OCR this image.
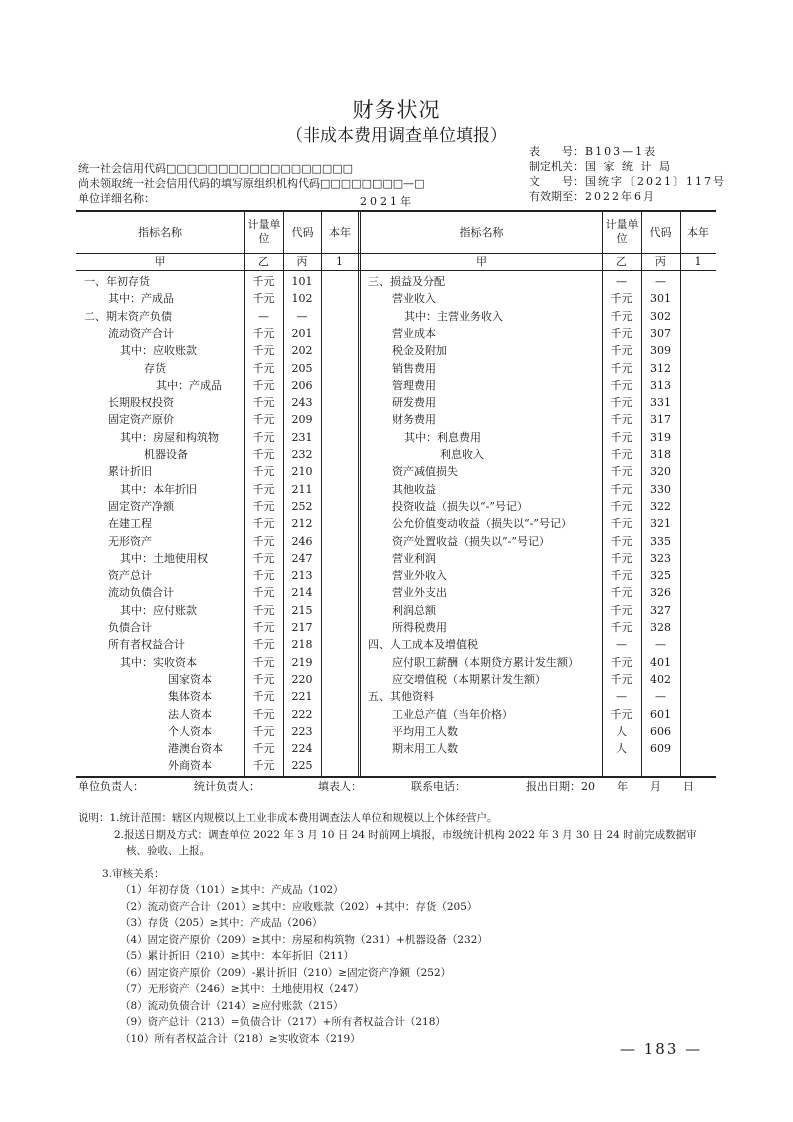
财务状况
（非成本费用调查单位填报）
统一社会信用代码□□□□□□□□□□□□□□□□□□
尚未领取统一社会信用代码的填写原组织机构代码□□□□□□□□—□
单位详细名称：	2021年
表　　号： B103—1表
制定机关： 国 家 统 计 局
文　　号： 国统字〔2021〕117号
有效期至： 2022年6月
指标名称
计量单位	代码	本年
甲	乙	丙	1
指标名称
计量单位	代码	本年
甲	乙	丙	1
一、年初存货	千元	101
其中：产成品	千元	102
二、期末资产负债	—	—
流动资产合计	千元	201
其中：应收账款	千元	202
存货	千元	205
其中：产成品	千元	206
长期股权投资	千元	243
固定资产原价	千元	209
其中：房屋和构筑物	千元	231
机器设备	千元	232
累计折旧	千元	210
其中：本年折旧	千元	211
固定资产净额	千元	252
在建工程	千元	212
无形资产	千元	246
其中：土地使用权	千元	247
资产总计	千元	213
流动负债合计	千元	214
其中：应付账款	千元	215
负债合计	千元	217
所有者权益合计	千元	218
其中：实收资本	千元	219
国家资本	千元	220
集体资本	千元	221
法人资本	千元	222
个人资本	千元	223
港澳台资本	千元	224
外商资本	千元	225
三、损益及分配	—	—
营业收入	千元	301
其中：主营业务收入	千元	302
营业成本	千元	307
税金及附加	千元	309
销售费用	千元	312
管理费用	千元	313
研发费用	千元	331
财务费用	千元	317
其中：利息费用	千元	319
利息收入	千元	318
资产减值损失	千元	320
其他收益	千元	330
投资收益（损失以“-”号记）	千元	322
公允价值变动收益（损失以“-”号记）	千元	321
资产处置收益（损失以“-”号记）	千元	335
营业利润	千元	323
营业外收入	千元	325
营业外支出	千元	326
利润总额	千元	327
所得税费用	千元	328
四、人工成本及增值税	—	—
应付职工薪酬（本期贷方累计发生额）	千元	401
应交增值税（本期累计发生额）	千元	402
五、其他资料	—	—
工业总产值（当年价格）	千元	601
平均用工人数	人	606
期末用工人数	人	609
单位负责人：	统计负责人：	填表人：	联系电话：	报出日期：20　　年　　月　　日
说明：1.统计范围：辖区内规模以上工业非成本费用调查法人单位和规模以上个体经营户。
2.报送日期及方式：调查单位 2022 年 3 月 10 日 24 时前网上填报，市级统计机构 2022 年 3 月 30 日 24 时前完成数据审
核、验收、上报。
3.审核关系：
（1）年初存货（101）≥其中：产成品（102）
（2）流动资产合计（201）≥其中：应收账款（202）+其中：存货（205）
（3）存货（205）≥其中：产成品（206）
（4）固定资产原价（209）≥其中：房屋和构筑物（231）+机器设备（232）
（5）累计折旧（210）≥其中：本年折旧（211）
（6）固定资产原价（209）-累计折旧（210）≥固定资产净额（252）
（7）无形资产（246）≥其中：土地使用权（247）
（8）流动负债合计（214）≥应付账款（215）
（9）资产总计（213）=负债合计（217）+所有者权益合计（218）
（10）所有者权益合计（218）≥实收资本（219）
— 183 —
